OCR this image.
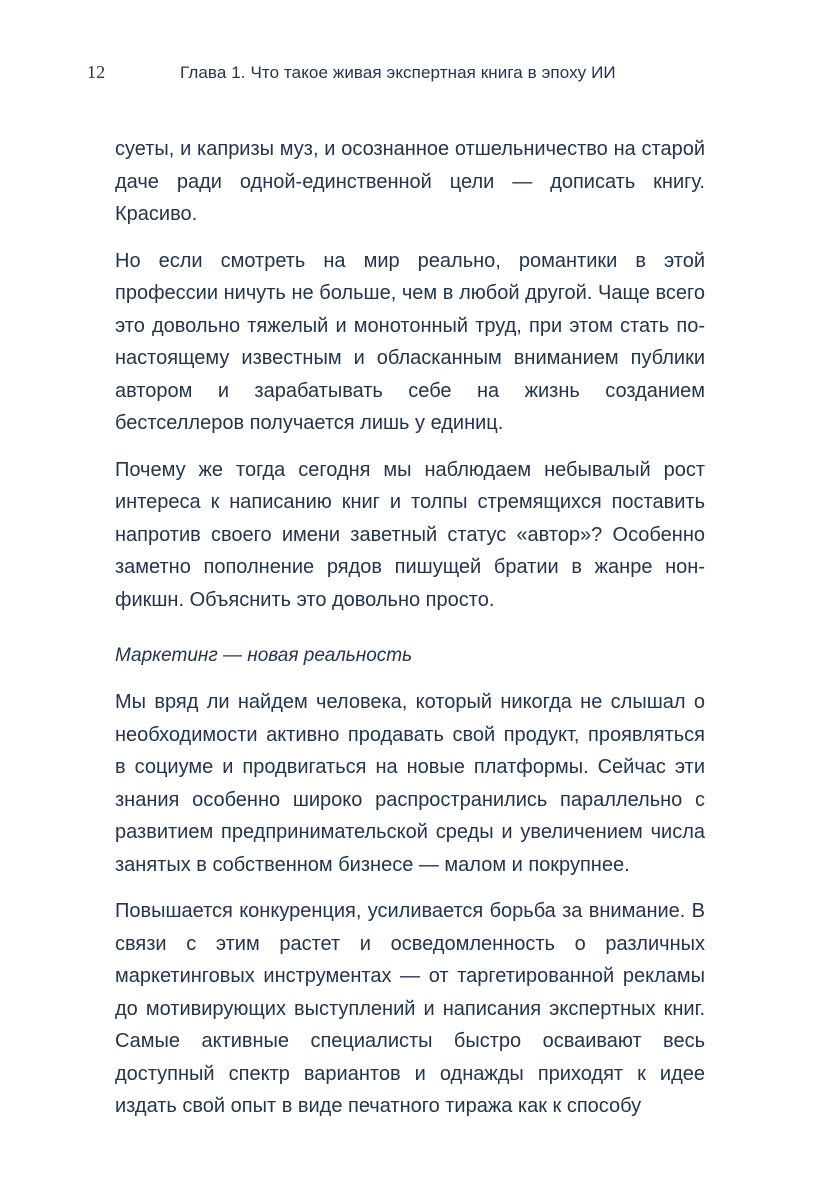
12	Глава 1. Что такое живая экспертная книга в эпоху ИИ

суеты, и капризы муз, и осознанное отшельничество на старой даче ради одной-единственной цели — дописать книгу. Красиво.

Но если смотреть на мир реально, романтики в этой профессии ничуть не больше, чем в любой другой. Чаще всего это довольно тяжелый и монотонный труд, при этом стать по-настоящему известным и обласканным вниманием публики автором и зарабатывать себе на жизнь созданием бестселлеров получается лишь у единиц.

Почему же тогда сегодня мы наблюдаем небывалый рост интереса к написанию книг и толпы стремящихся поставить напротив своего имени заветный статус «автор»? Особенно заметно пополнение рядов пишущей братии в жанре нон-фикшн. Объяснить это довольно просто.

Маркетинг — новая реальность

Мы вряд ли найдем человека, который никогда не слышал о необходимости активно продавать свой продукт, проявляться в социуме и продвигаться на новые платформы. Сейчас эти знания особенно широко распространились параллельно с развитием предпринимательской среды и увеличением числа занятых в собственном бизнесе — малом и покрупнее.

Повышается конкуренция, усиливается борьба за внимание. В связи с этим растет и осведомленность о различных маркетинговых инструментах — от таргетированной рекламы до мотивирующих выступлений и написания экспертных книг. Самые активные специалисты быстро осваивают весь доступный спектр вариантов и однажды приходят к идее издать свой опыт в виде печатного тиража как к способу
